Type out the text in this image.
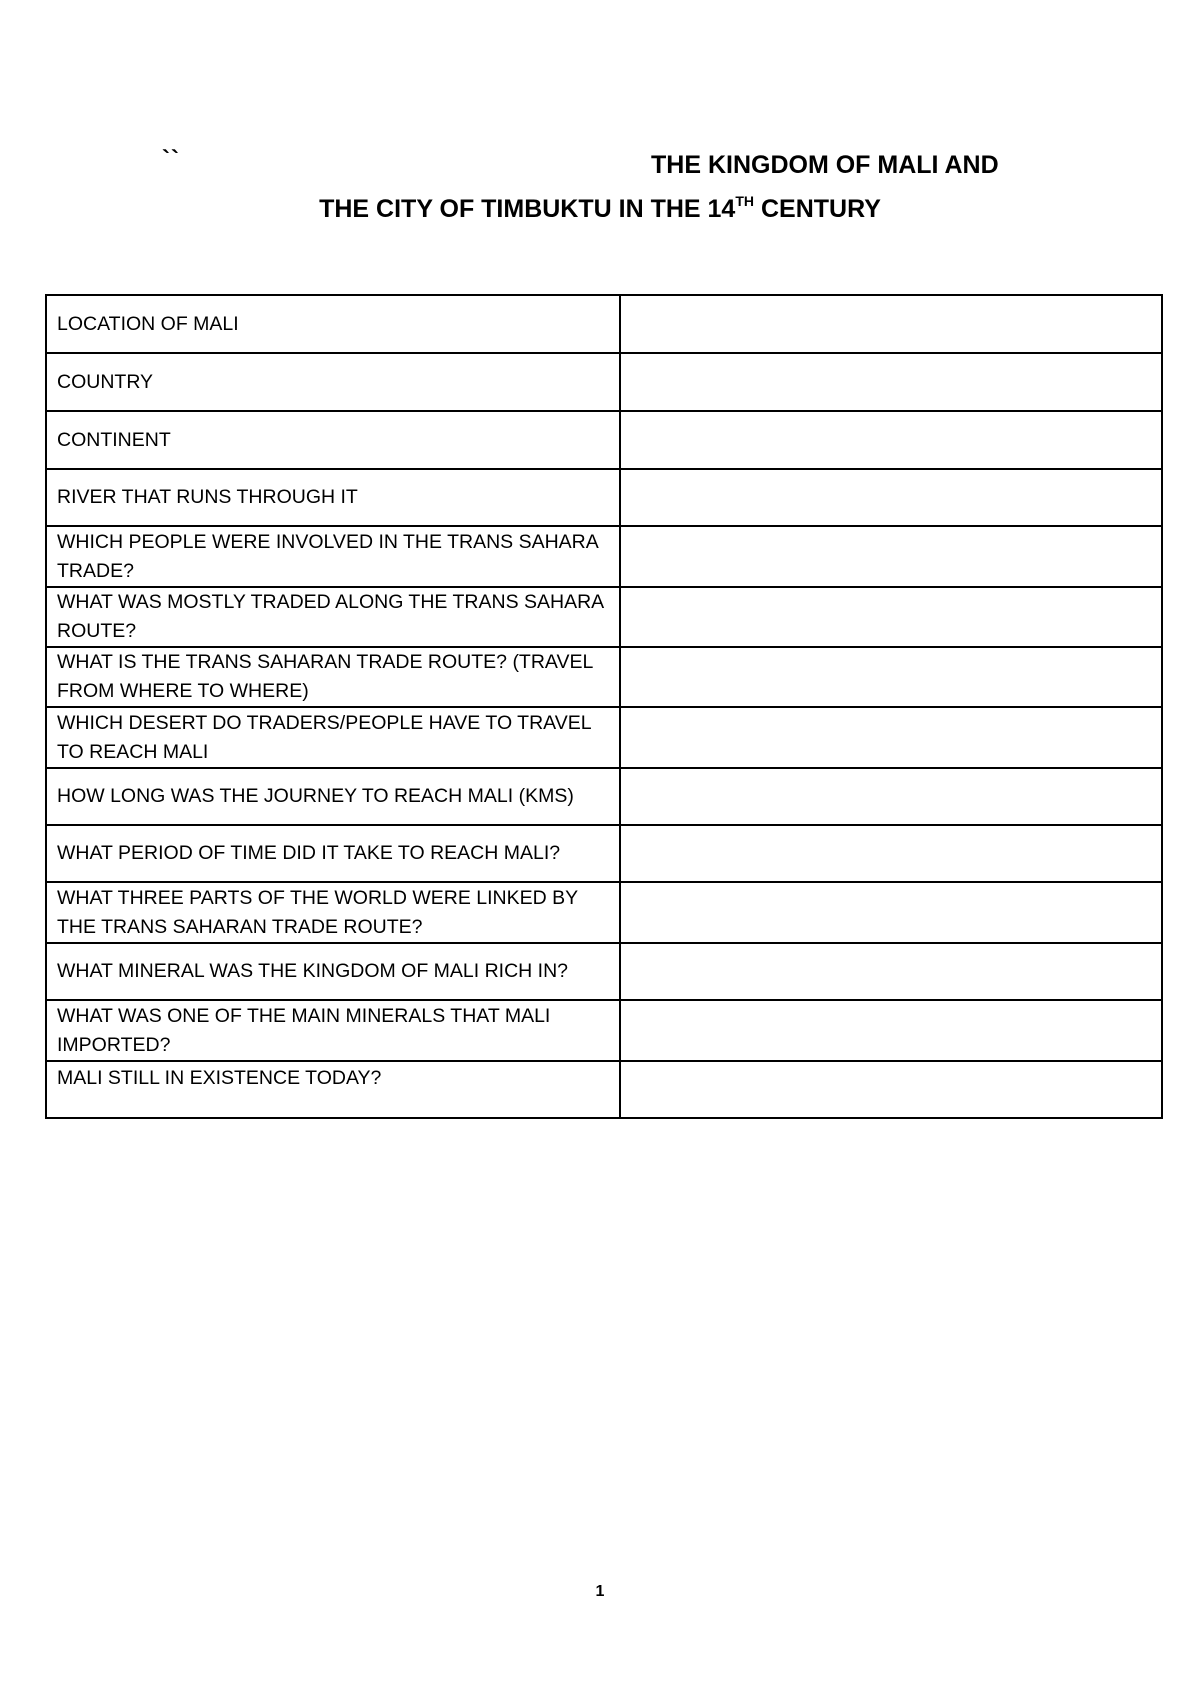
``	THE KINGDOM OF MALI AND
THE CITY OF TIMBUKTU IN THE 14TH CENTURY
LOCATION OF MALI	
COUNTRY	
CONTINENT	
RIVER THAT RUNS THROUGH IT	
WHICH PEOPLE WERE INVOLVED IN THE TRANS SAHARA TRADE?	
WHAT WAS MOSTLY TRADED ALONG THE TRANS SAHARA ROUTE?	
WHAT IS THE TRANS SAHARAN TRADE ROUTE? (TRAVEL FROM WHERE TO WHERE)	
WHICH DESERT DO TRADERS/PEOPLE HAVE TO TRAVEL TO REACH MALI	
HOW LONG WAS THE JOURNEY TO REACH MALI (KMS)	
WHAT PERIOD OF TIME DID IT TAKE TO REACH MALI?	
WHAT THREE PARTS OF THE WORLD WERE LINKED BY THE TRANS SAHARAN TRADE ROUTE?	
WHAT MINERAL WAS THE KINGDOM OF MALI RICH IN?	
WHAT WAS ONE OF THE MAIN MINERALS THAT MALI IMPORTED?	
MALI STILL IN EXISTENCE TODAY?	
1
